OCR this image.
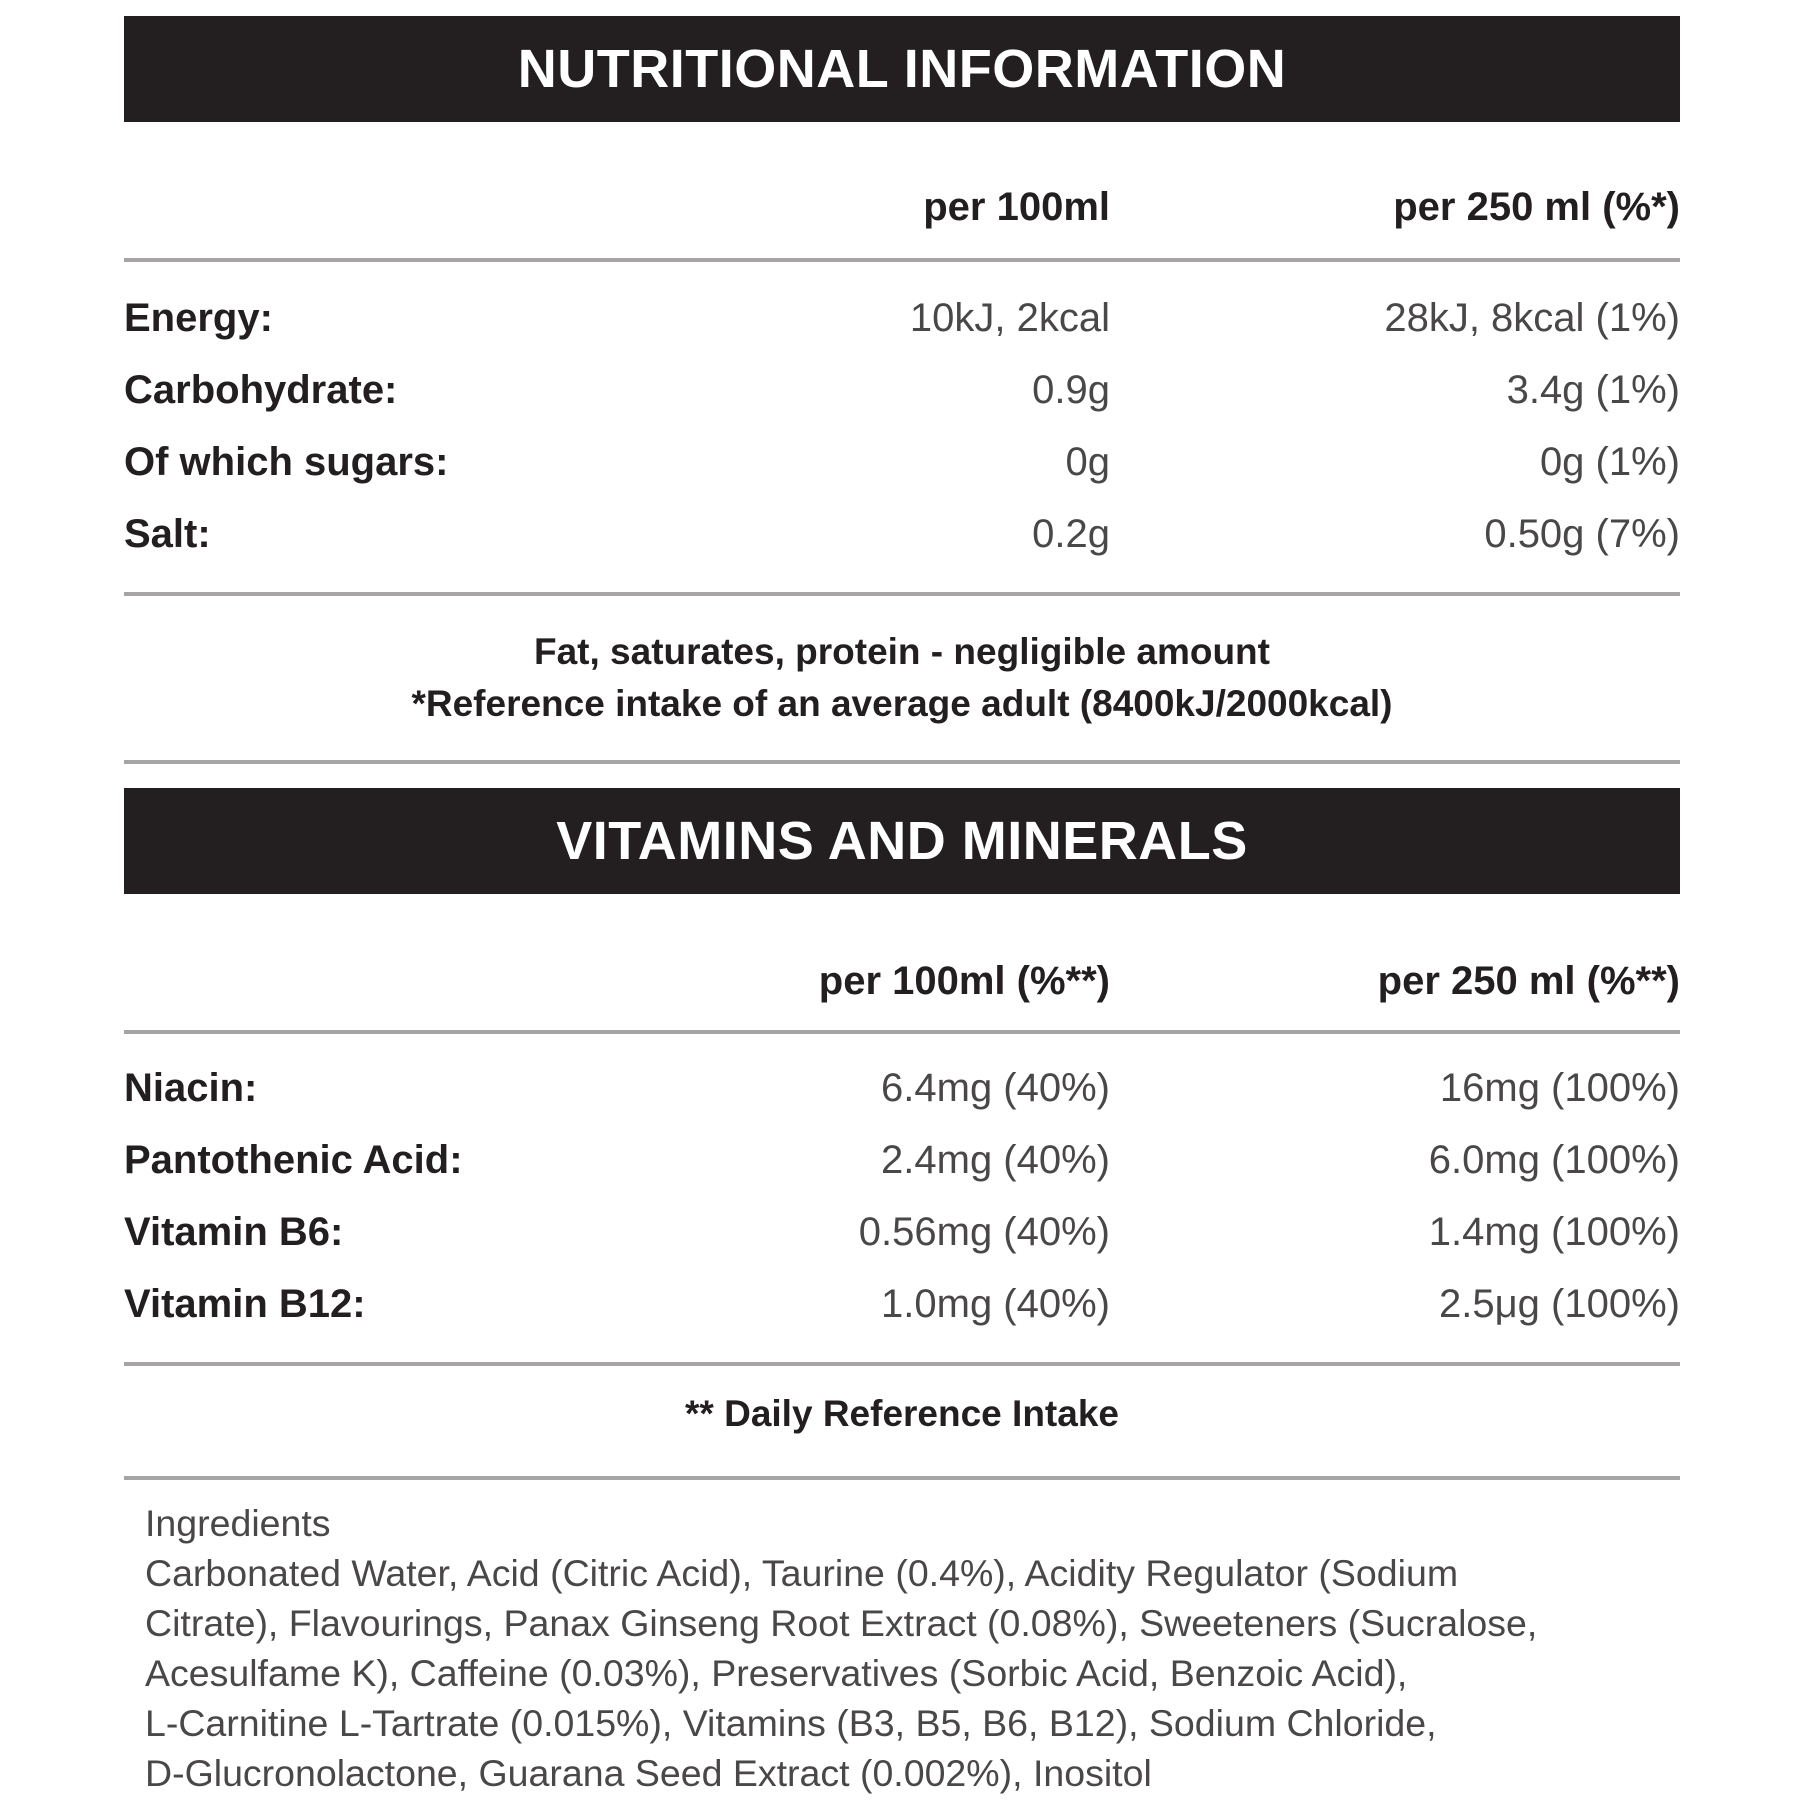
NUTRITIONAL INFORMATION
per 100ml	per 250 ml (%*)
Energy:	10kJ, 2kcal	28kJ, 8kcal (1%)
Carbohydrate:	0.9g	3.4g (1%)
Of which sugars:	0g	0g (1%)
Salt:	0.2g	0.50g (7%)
Fat, saturates, protein - negligible amount
*Reference intake of an average adult (8400kJ/2000kcal)
VITAMINS AND MINERALS
per 100ml (%**)	per 250 ml (%**)
Niacin:	6.4mg (40%)	16mg (100%)
Pantothenic Acid:	2.4mg (40%)	6.0mg (100%)
Vitamin B6:	0.56mg (40%)	1.4mg (100%)
Vitamin B12:	1.0mg (40%)	2.5μg (100%)
** Daily Reference Intake
Ingredients
Carbonated Water, Acid (Citric Acid), Taurine (0.4%), Acidity Regulator (Sodium
Citrate), Flavourings, Panax Ginseng Root Extract (0.08%), Sweeteners (Sucralose,
Acesulfame K), Caffeine (0.03%), Preservatives (Sorbic Acid, Benzoic Acid),
L-Carnitine L-Tartrate (0.015%), Vitamins (B3, B5, B6, B12), Sodium Chloride,
D-Glucronolactone, Guarana Seed Extract (0.002%), Inositol
